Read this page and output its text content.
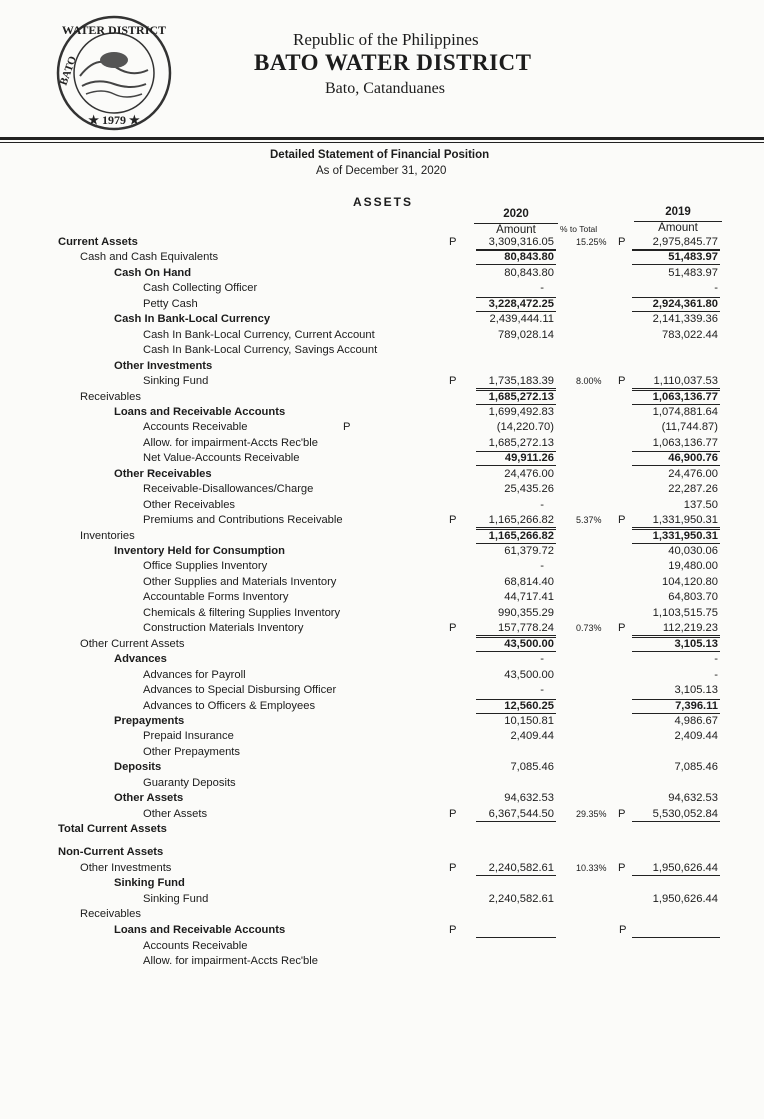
WATER DISTRICT
★ 1979 ★
BATO
Republic of the Philippines
BATO WATER DISTRICT
Bato, Catanduanes
Detailed Statement of Financial Position
As of December 31, 2020
ASSETS
2020
Amount	% to Total
2019
Amount
Current Assets	P	3,309,316.05 15.25% P	2,975,845.77
Cash and Cash Equivalents	80,843.80	51,483.97
Cash On Hand	80,843.80	51,483.97
Cash Collecting Officer	-	-
Petty Cash	3,228,472.25	2,924,361.80
Cash In Bank-Local Currency	2,439,444.11	2,141,339.36
Cash In Bank-Local Currency, Current Account	789,028.14	783,022.44
Cash In Bank-Local Currency, Savings Account
Other Investments
Sinking Fund	P	1,735,183.39 8.00% P	1,110,037.53
Receivables	1,685,272.13	1,063,136.77
Loans and Receivable Accounts	1,699,492.83	1,074,881.64
Accounts Receivable	P	(14,220.70)	(11,744.87)
Allow. for impairment-Accts Rec'ble	1,685,272.13	1,063,136.77
Net Value-Accounts Receivable	49,911.26	46,900.76
Other Receivables	24,476.00	24,476.00
Receivable-Disallowances/Charge	25,435.26	22,287.26
Other Receivables	-	137.50
Premiums and Contributions Receivable	P	1,165,266.82 5.37% P	1,331,950.31
Inventories	1,165,266.82	1,331,950.31
Inventory Held for Consumption	61,379.72	40,030.06
Office Supplies Inventory	-	19,480.00
Other Supplies and Materials Inventory	68,814.40	104,120.80
Accountable Forms Inventory	44,717.41	64,803.70
Chemicals & filtering Supplies Inventory	990,355.29	1,103,515.75
Construction Materials Inventory	P	157,778.24 0.73% P	112,219.23
Other Current Assets	43,500.00	3,105.13
Advances	-	-
Advances for Payroll	43,500.00	-
Advances to Special Disbursing Officer	-	3,105.13
Advances to Officers & Employees	12,560.25	7,396.11
Prepayments	10,150.81	4,986.67
Prepaid Insurance	2,409.44	2,409.44
Other Prepayments
Deposits	7,085.46	7,085.46
Guaranty Deposits
Other Assets	94,632.53	94,632.53
Other Assets	P	6,367,544.50 29.35% P	5,530,052.84
Total Current Assets
Non-Current Assets
Other Investments	P	2,240,582.61 10.33% P	1,950,626.44
Sinking Fund
Sinking Fund	2,240,582.61	1,950,626.44
Receivables
Loans and Receivable Accounts	P	P
Accounts Receivable
Allow. for impairment-Accts Rec'ble
